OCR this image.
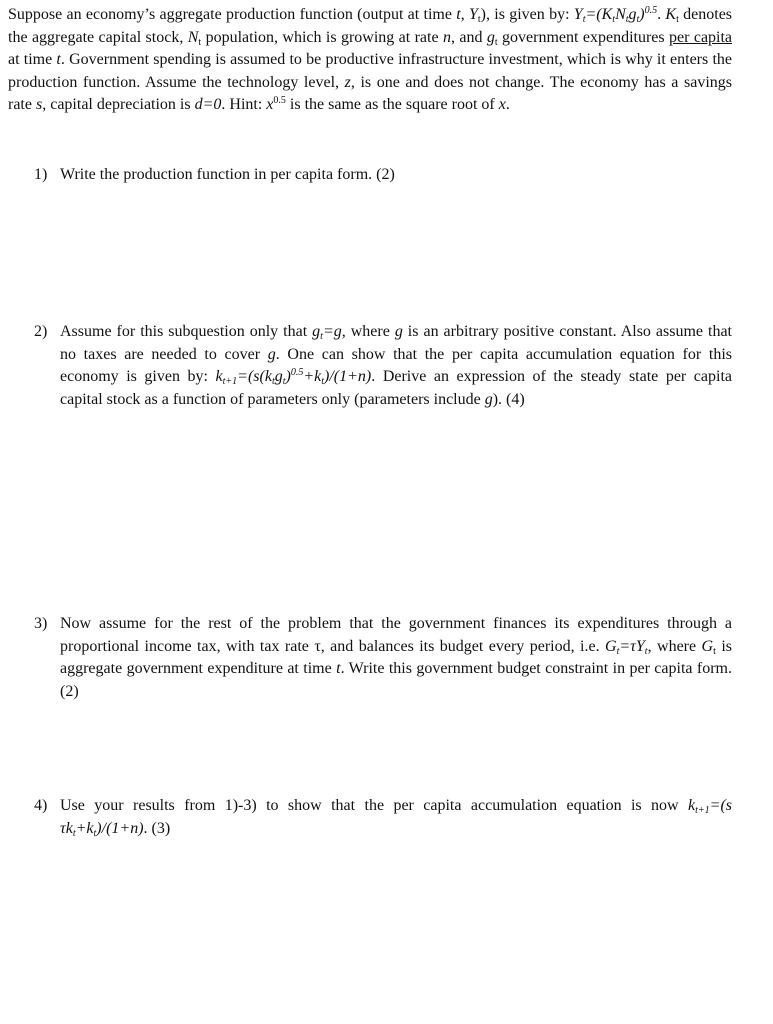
Suppose an economy’s aggregate production function (output at time t, $Y_t$), is given by: $Y_t=(K_tN_tg_t)^{0.5}$. $K_t$ denotes the aggregate capital stock, $N_t$ population, which is growing at rate n, and $g_t$ government expenditures per capita at time t. Government spending is assumed to be productive infrastructure investment, which is why it enters the production function. Assume the technology level, z, is one and does not change. The economy has a savings rate s, capital depreciation is d=0. Hint: $x^{0.5}$ is the same as the square root of x.
1) Write the production function in per capita form. (2)
2) Assume for this subquestion only that $g_t=g$, where g is an arbitrary positive constant. Also assume that no taxes are needed to cover g. One can show that the per capita accumulation equation for this economy is given by: $k_{t+1}=(s(k_tg_t)^{0.5}+k_t)/(1+n)$. Derive an expression of the steady state per capita capital stock as a function of parameters only (parameters include g). (4)
3) Now assume for the rest of the problem that the government finances its expenditures through a proportional income tax, with tax rate τ, and balances its budget every period, i.e. $G_t=\tau Y_t$, where $G_t$ is aggregate government expenditure at time t. Write this government budget constraint in per capita form. (2)
4) Use your results from 1)-3) to show that the per capita accumulation equation is now $k_{t+1}=(s$ $\tau k_t+k_t)/(1+n)$. (3)
